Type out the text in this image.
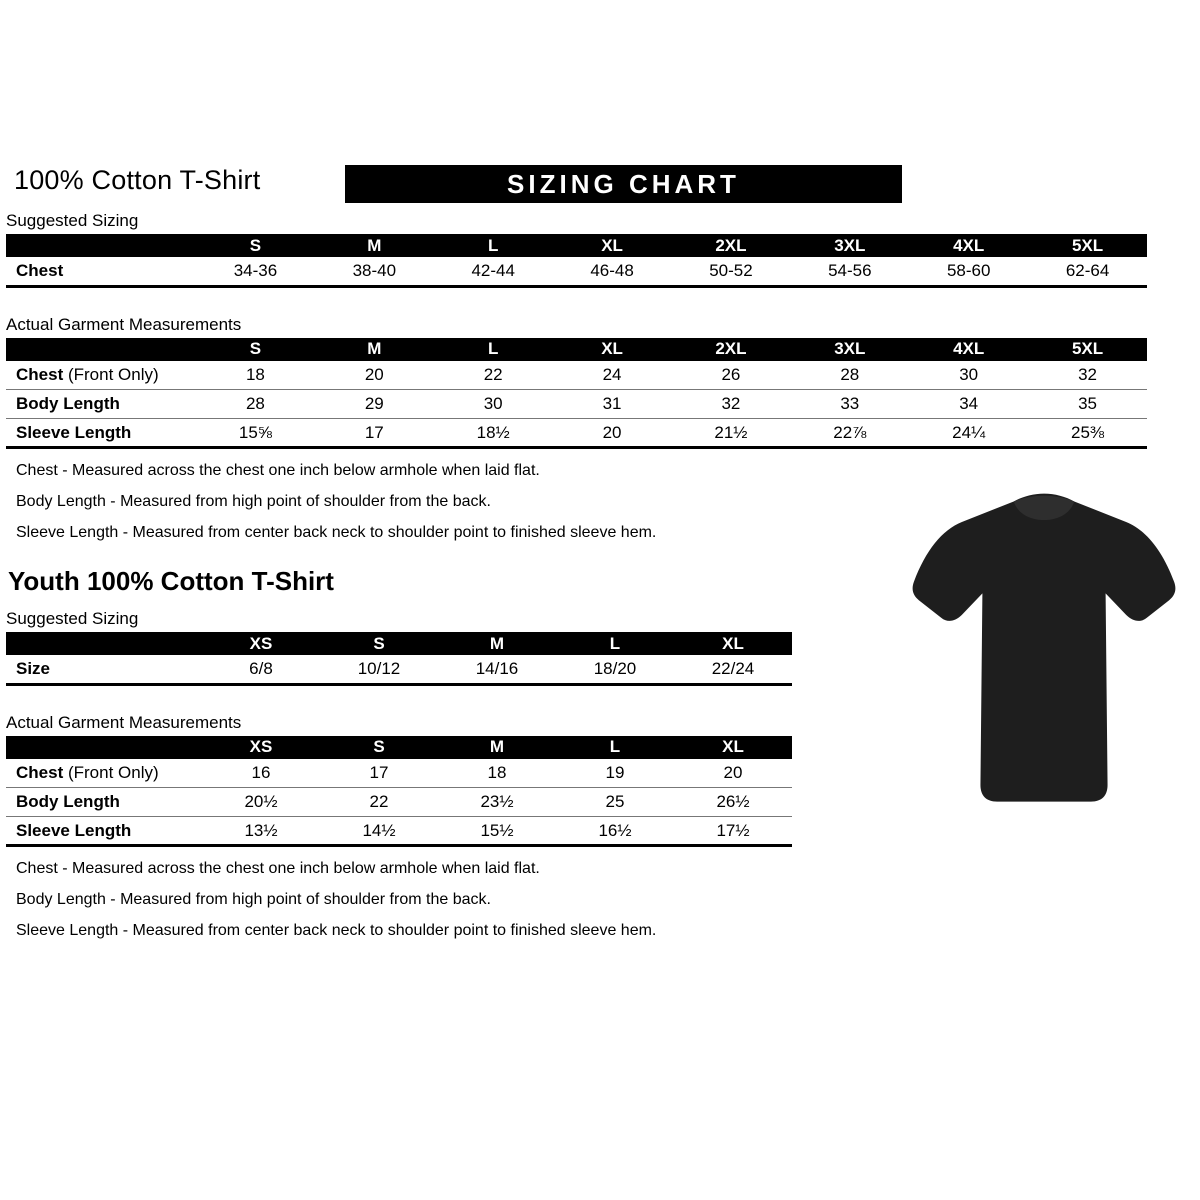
100% Cotton T-Shirt	SIZING CHART
Suggested Sizing
	S	M	L	XL	2XL	3XL	4XL	5XL
Chest	34-36	38-40	42-44	46-48	50-52	54-56	58-60	62-64
Actual Garment Measurements
	S	M	L	XL	2XL	3XL	4XL	5XL
Chest (Front Only)	18	20	22	24	26	28	30	32
Body Length	28	29	30	31	32	33	34	35
Sleeve Length	15⅝	17	18½	20	21½	22⅞	24¼	25⅜

Chest - Measured across the chest one inch below armhole when laid flat.

Body Length - Measured from high point of shoulder from the back.

Sleeve Length - Measured from center back neck to shoulder point to finished sleeve hem.

Youth 100% Cotton T-Shirt
Suggested Sizing
	XS	S	M	L	XL
Size	6/8	10/12	14/16	18/20	22/24
Actual Garment Measurements
	XS	S	M	L	XL
Chest (Front Only)	16	17	18	19	20
Body Length	20½	22	23½	25	26½
Sleeve Length	13½	14½	15½	16½	17½

Chest - Measured across the chest one inch below armhole when laid flat.

Body Length - Measured from high point of shoulder from the back.

Sleeve Length - Measured from center back neck to shoulder point to finished sleeve hem.
